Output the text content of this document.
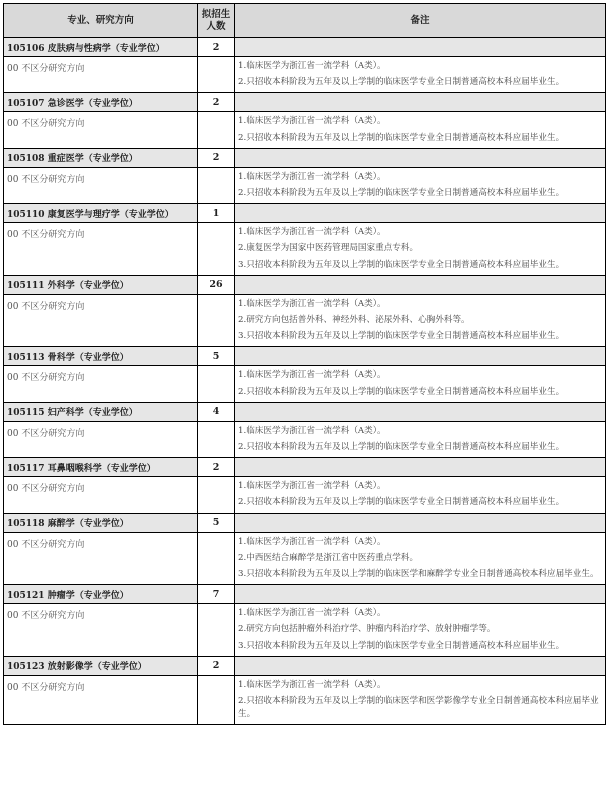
专业、研究方向	拟招生人数	备注
105106 皮肤病与性病学（专业学位）	2	
00 不区分研究方向		1.临床医学为浙江省一流学科（A类）。
2.只招收本科阶段为五年及以上学制的临床医学专业全日制普通高校本科应届毕业生。

105107 急诊医学（专业学位）	2	
00 不区分研究方向		1.临床医学为浙江省一流学科（A类）。
2.只招收本科阶段为五年及以上学制的临床医学专业全日制普通高校本科应届毕业生。

105108 重症医学（专业学位）	2	
00 不区分研究方向		1.临床医学为浙江省一流学科（A类）。
2.只招收本科阶段为五年及以上学制的临床医学专业全日制普通高校本科应届毕业生。

105110 康复医学与理疗学（专业学位）	1	
00 不区分研究方向		1.临床医学为浙江省一流学科（A类）。
2.康复医学为国家中医药管理局国家重点专科。
3.只招收本科阶段为五年及以上学制的临床医学专业全日制普通高校本科应届毕业生。

105111 外科学（专业学位）	26	
00 不区分研究方向		1.临床医学为浙江省一流学科（A类）。
2.研究方向包括普外科、神经外科、泌尿外科、心胸外科等。
3.只招收本科阶段为五年及以上学制的临床医学专业全日制普通高校本科应届毕业生。

105113 骨科学（专业学位）	5	
00 不区分研究方向		1.临床医学为浙江省一流学科（A类）。
2.只招收本科阶段为五年及以上学制的临床医学专业全日制普通高校本科应届毕业生。

105115 妇产科学（专业学位）	4	
00 不区分研究方向		1.临床医学为浙江省一流学科（A类）。
2.只招收本科阶段为五年及以上学制的临床医学专业全日制普通高校本科应届毕业生。

105117 耳鼻咽喉科学（专业学位）	2	
00 不区分研究方向		1.临床医学为浙江省一流学科（A类）。
2.只招收本科阶段为五年及以上学制的临床医学专业全日制普通高校本科应届毕业生。

105118 麻醉学（专业学位）	5	
00 不区分研究方向		1.临床医学为浙江省一流学科（A类）。
2.中西医结合麻醉学是浙江省中医药重点学科。
3.只招收本科阶段为五年及以上学制的临床医学和麻醉学专业全日制普通高校本科应届毕业生。

105121 肿瘤学（专业学位）	7	
00 不区分研究方向		1.临床医学为浙江省一流学科（A类）。
2.研究方向包括肿瘤外科治疗学、肿瘤内科治疗学、放射肿瘤学等。
3.只招收本科阶段为五年及以上学制的临床医学专业全日制普通高校本科应届毕业生。

105123 放射影像学（专业学位）	2	
00 不区分研究方向		1.临床医学为浙江省一流学科（A类）。
2.只招收本科阶段为五年及以上学制的临床医学和医学影像学专业全日制普通高校本科应届毕业生。
